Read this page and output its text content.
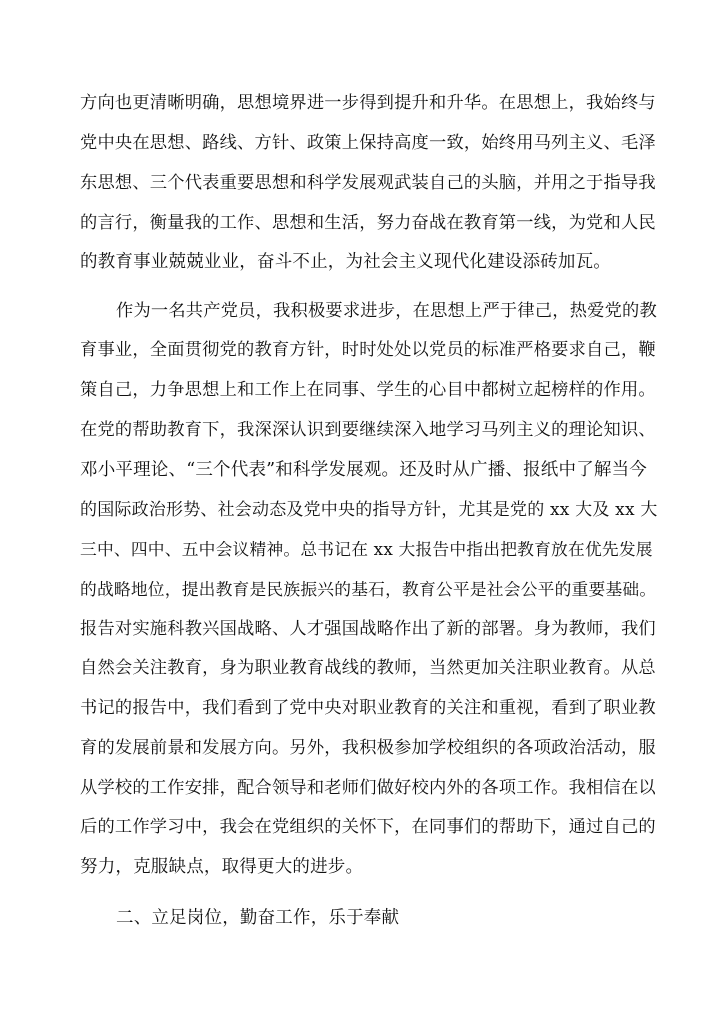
方向也更清晰明确，思想境界进一步得到提升和升华。在思想上，我始终与
党中央在思想、路线、方针、政策上保持高度一致，始终用马列主义、毛泽
东思想、三个代表重要思想和科学发展观武装自己的头脑，并用之于指导我
的言行，衡量我的工作、思想和生活，努力奋战在教育第一线，为党和人民
的教育事业兢兢业业，奋斗不止，为社会主义现代化建设添砖加瓦。
作为一名共产党员，我积极要求进步，在思想上严于律己，热爱党的教
育事业，全面贯彻党的教育方针，时时处处以党员的标准严格要求自己，鞭
策自己，力争思想上和工作上在同事、学生的心目中都树立起榜样的作用。
在党的帮助教育下，我深深认识到要继续深入地学习马列主义的理论知识、
邓小平理论、“三个代表”和科学发展观。还及时从广播、报纸中了解当今
的国际政治形势、社会动态及党中央的指导方针，尤其是党的 xx 大及 xx 大
三中、四中、五中会议精神。总书记在 xx 大报告中指出把教育放在优先发展
的战略地位，提出教育是民族振兴的基石，教育公平是社会公平的重要基础。
报告对实施科教兴国战略、人才强国战略作出了新的部署。身为教师，我们
自然会关注教育，身为职业教育战线的教师，当然更加关注职业教育。从总
书记的报告中，我们看到了党中央对职业教育的关注和重视，看到了职业教
育的发展前景和发展方向。另外，我积极参加学校组织的各项政治活动，服
从学校的工作安排，配合领导和老师们做好校内外的各项工作。我相信在以
后的工作学习中，我会在党组织的关怀下，在同事们的帮助下，通过自己的
努力，克服缺点，取得更大的进步。
二、立足岗位，勤奋工作，乐于奉献
